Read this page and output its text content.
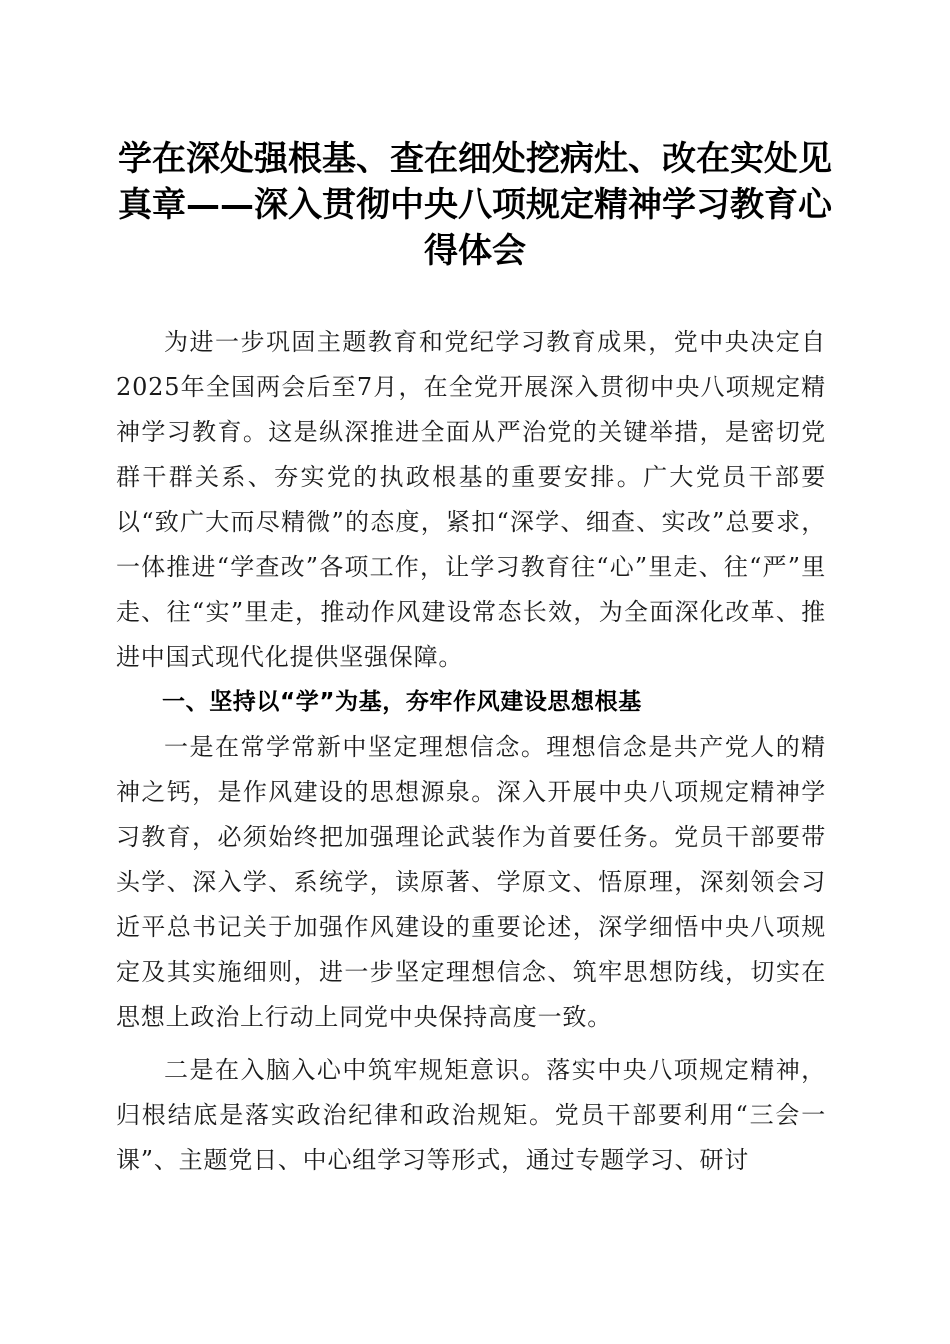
学在深处强根基、查在细处挖病灶、改在实处见真章——深入贯彻中央八项规定精神学习教育心得体会

为进一步巩固主题教育和党纪学习教育成果，党中央决定自2025年全国两会后至7月，在全党开展深入贯彻中央八项规定精神学习教育。这是纵深推进全面从严治党的关键举措，是密切党群干群关系、夯实党的执政根基的重要安排。广大党员干部要以“致广大而尽精微”的态度，紧扣“深学、细查、实改”总要求，一体推进“学查改”各项工作，让学习教育往“心”里走、往“严”里走、往“实”里走，推动作风建设常态长效，为全面深化改革、推进中国式现代化提供坚强保障。

一、坚持以“学”为基，夯牢作风建设思想根基

一是在常学常新中坚定理想信念。理想信念是共产党人的精神之钙，是作风建设的思想源泉。深入开展中央八项规定精神学习教育，必须始终把加强理论武装作为首要任务。党员干部要带头学、深入学、系统学，读原著、学原文、悟原理，深刻领会习近平总书记关于加强作风建设的重要论述，深学细悟中央八项规定及其实施细则，进一步坚定理想信念、筑牢思想防线，切实在思想上政治上行动上同党中央保持高度一致。

二是在入脑入心中筑牢规矩意识。落实中央八项规定精神，归根结底是落实政治纪律和政治规矩。党员干部要利用“三会一课”、主题党日、中心组学习等形式，通过专题学习、研讨
